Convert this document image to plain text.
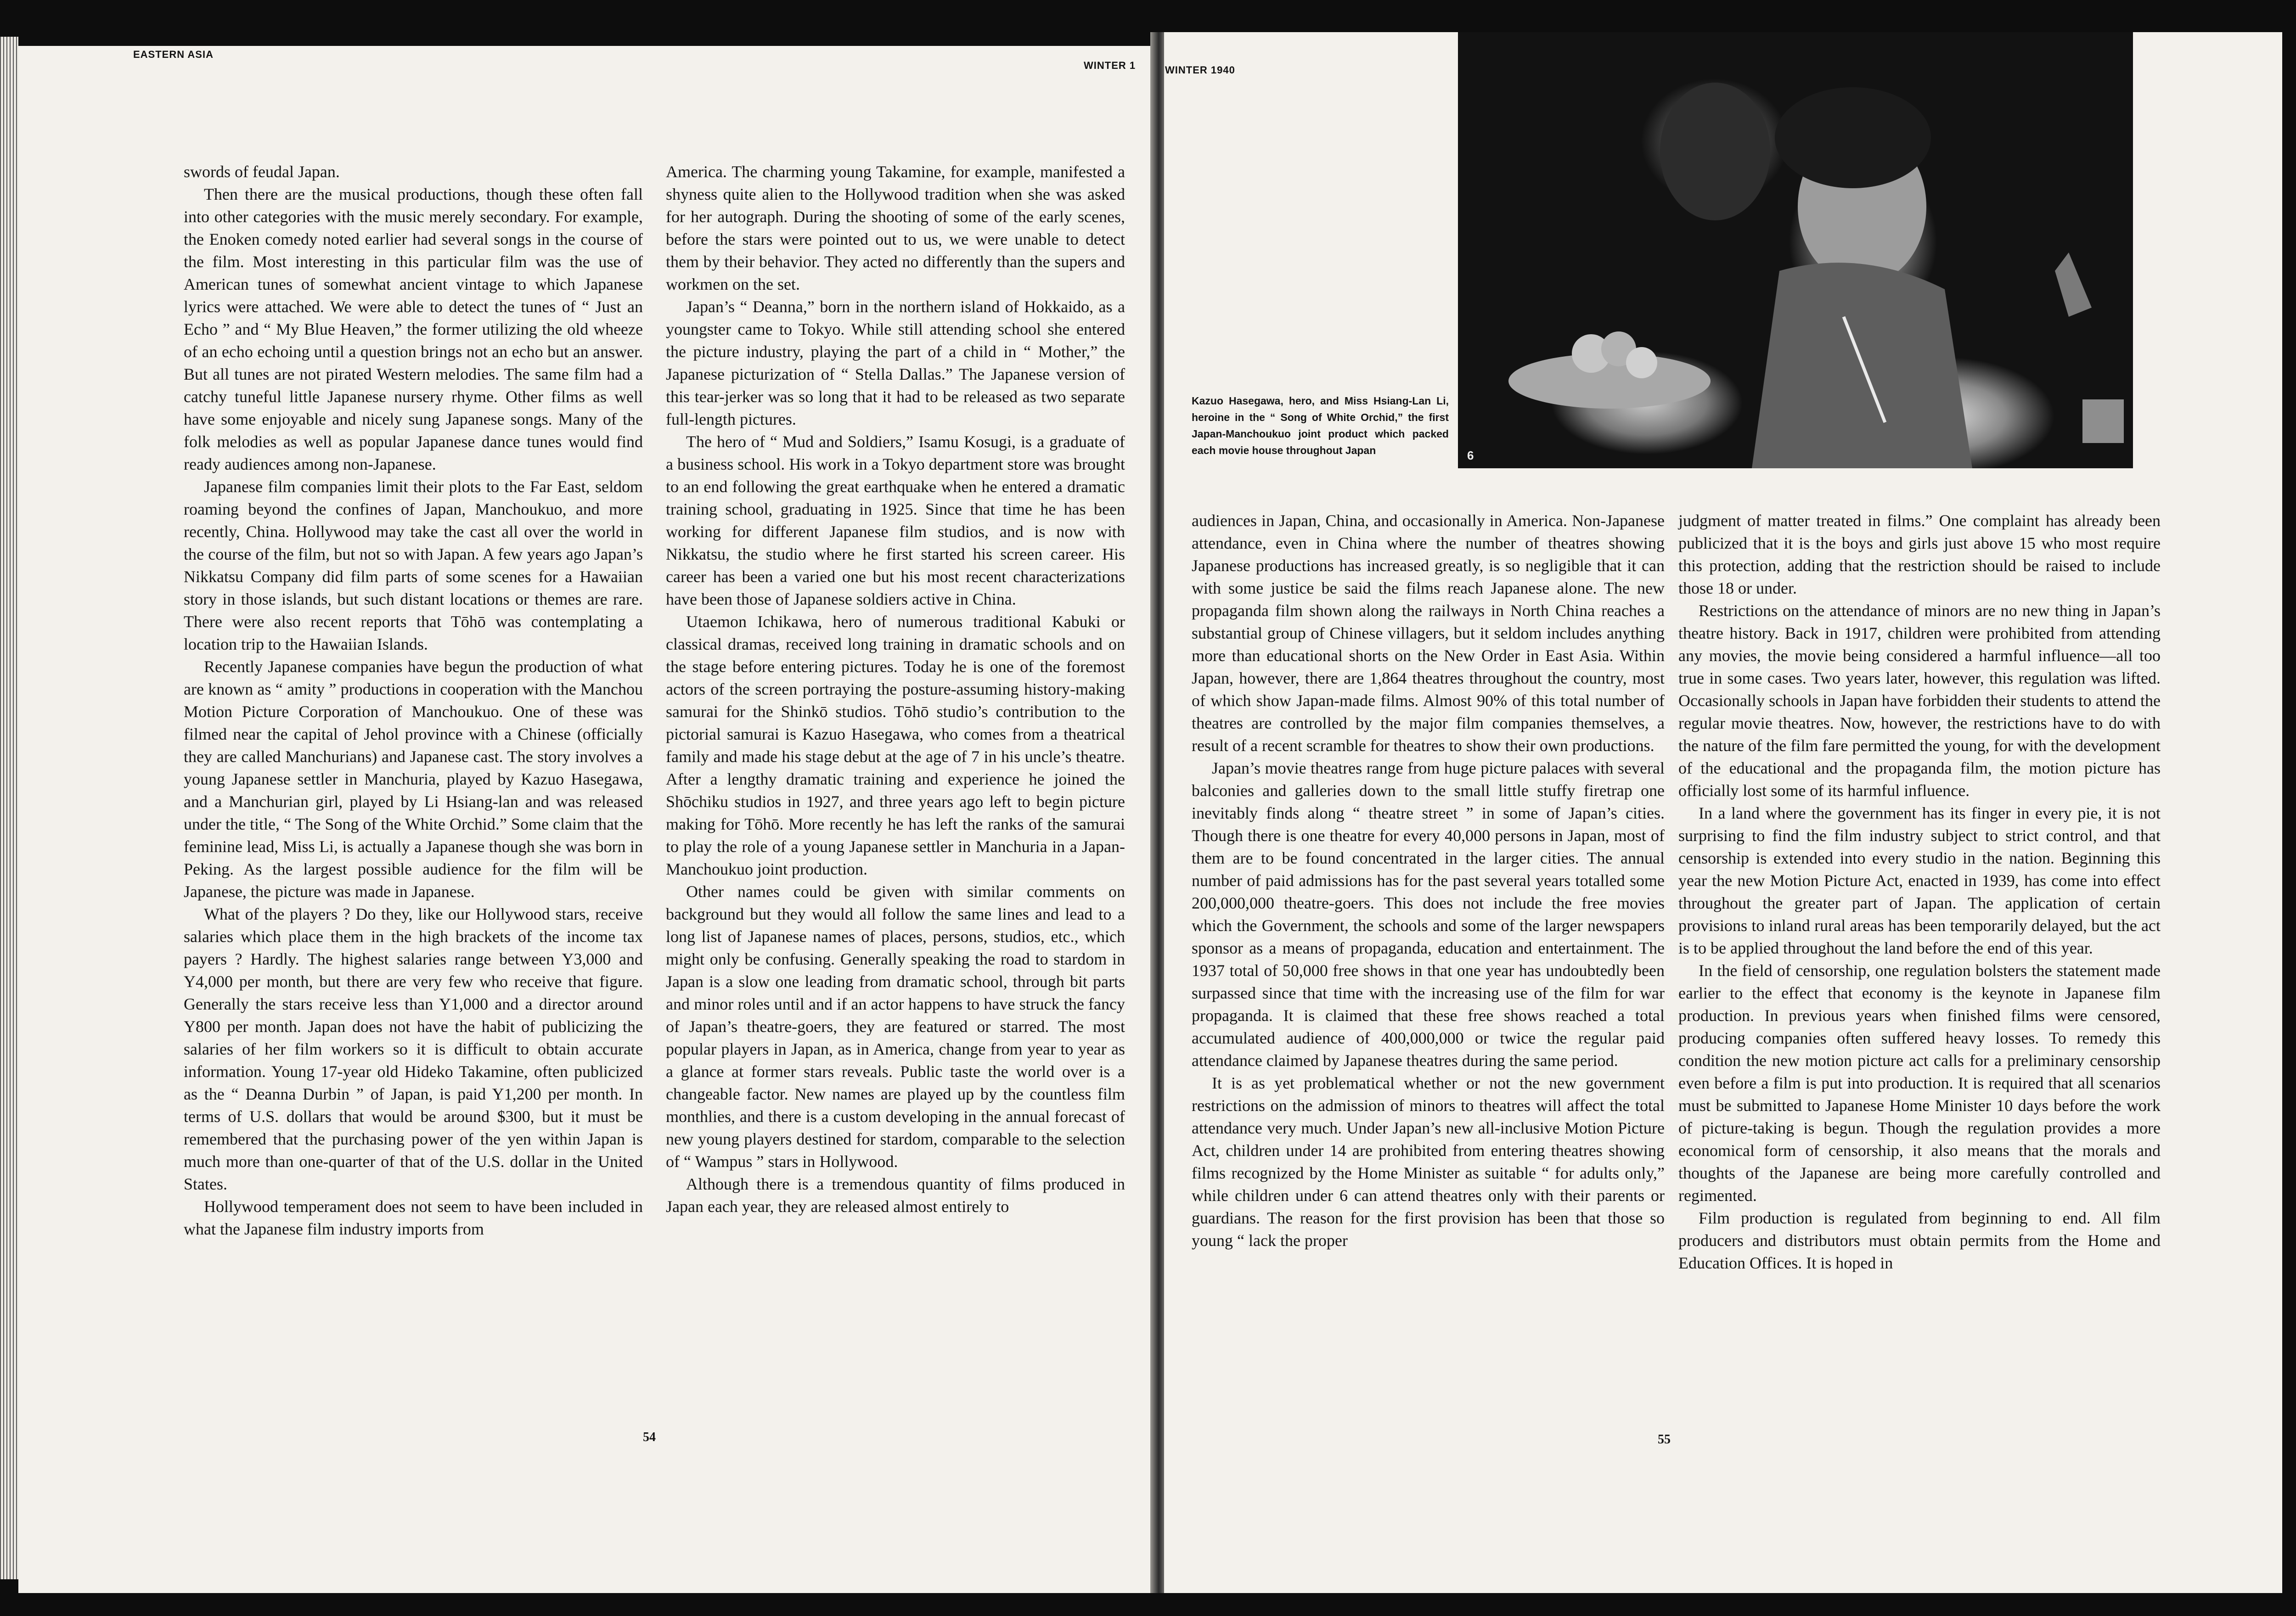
EASTERN ASIA
WINTER 1

swords of feudal Japan.

Then there are the musical productions, though these often fall into other categories with the music merely secondary. For example, the Enoken comedy noted earlier had several songs in the course of the film. Most interesting in this particular film was the use of American tunes of somewhat ancient vintage to which Japanese lyrics were attached. We were able to detect the tunes of “ Just an Echo ” and “ My Blue Heaven,” the former utilizing the old wheeze of an echo echoing until a question brings not an echo but an answer. But all tunes are not pirated Western melodies. The same film had a catchy tuneful little Japanese nursery rhyme. Other films as well have some enjoyable and nicely sung Japanese songs. Many of the folk melodies as well as popular Japanese dance tunes would find ready audiences among non-Japanese.

Japanese film companies limit their plots to the Far East, seldom roaming beyond the confines of Japan, Manchoukuo, and more recently, China. Hollywood may take the cast all over the world in the course of the film, but not so with Japan. A few years ago Japan’s Nikkatsu Company did film parts of some scenes for a Hawaiian story in those islands, but such distant locations or themes are rare. There were also recent reports that Tōhō was contemplating a location trip to the Hawaiian Islands.

Recently Japanese companies have begun the production of what are known as “ amity ” productions in cooperation with the Manchou Motion Picture Corporation of Manchoukuo. One of these was filmed near the capital of Jehol province with a Chinese (officially they are called Manchurians) and Japanese cast. The story involves a young Japanese settler in Manchuria, played by Kazuo Hasegawa, and a Manchurian girl, played by Li Hsiang-lan and was released under the title, “ The Song of the White Orchid.” Some claim that the feminine lead, Miss Li, is actually a Japanese though she was born in Peking. As the largest possible audience for the film will be Japanese, the picture was made in Japanese.

What of the players ? Do they, like our Hollywood stars, receive salaries which place them in the high brackets of the income tax payers ? Hardly. The highest salaries range between Y3,000 and Y4,000 per month, but there are very few who receive that figure. Generally the stars receive less than Y1,000 and a director around Y800 per month. Japan does not have the habit of publicizing the salaries of her film workers so it is difficult to obtain accurate information. Young 17-year old Hideko Takamine, often publicized as the “ Deanna Durbin ” of Japan, is paid Y1,200 per month. In terms of U.S. dollars that would be around $300, but it must be remembered that the purchasing power of the yen within Japan is much more than one-quarter of that of the U.S. dollar in the United States.

Hollywood temperament does not seem to have been included in what the Japanese film industry imports from

America. The charming young Takamine, for example, manifested a shyness quite alien to the Hollywood tradition when she was asked for her autograph. During the shooting of some of the early scenes, before the stars were pointed out to us, we were unable to detect them by their behavior. They acted no differently than the supers and workmen on the set.

Japan’s “ Deanna,” born in the northern island of Hokkaido, as a youngster came to Tokyo. While still attending school she entered the picture industry, playing the part of a child in “ Mother,” the Japanese picturization of “ Stella Dallas.” The Japanese version of this tear-jerker was so long that it had to be released as two separate full-length pictures.

The hero of “ Mud and Soldiers,” Isamu Kosugi, is a graduate of a business school. His work in a Tokyo department store was brought to an end following the great earthquake when he entered a dramatic training school, graduating in 1925. Since that time he has been working for different Japanese film studios, and is now with Nikkatsu, the studio where he first started his screen career. His career has been a varied one but his most recent characterizations have been those of Japanese soldiers active in China.

Utaemon Ichikawa, hero of numerous traditional Kabuki or classical dramas, received long training in dramatic schools and on the stage before entering pictures. Today he is one of the foremost actors of the screen portraying the posture-assuming history-making samurai for the Shinkō studios. Tōhō studio’s contribution to the pictorial samurai is Kazuo Hasegawa, who comes from a theatrical family and made his stage debut at the age of 7 in his uncle’s theatre. After a lengthy dramatic training and experience he joined the Shōchiku studios in 1927, and three years ago left to begin picture making for Tōhō. More recently he has left the ranks of the samurai to play the role of a young Japanese settler in Manchuria in a Japan-Manchoukuo joint production.

Other names could be given with similar comments on background but they would all follow the same lines and lead to a long list of Japanese names of places, persons, studios, etc., which might only be confusing. Generally speaking the road to stardom in Japan is a slow one leading from dramatic school, through bit parts and minor roles until and if an actor happens to have struck the fancy of Japan’s theatre-goers, they are featured or starred. The most popular players in Japan, as in America, change from year to year as a glance at former stars reveals. Public taste the world over is a changeable factor. New names are played up by the countless film monthlies, and there is a custom developing in the annual forecast of new young players destined for stardom, comparable to the selection of “ Wampus ” stars in Hollywood.

Although there is a tremendous quantity of films produced in Japan each year, they are released almost entirely to

54
WINTER 1940
6
Kazuo Hasegawa, hero, and Miss Hsiang-Lan Li, heroine in the “ Song of White Orchid,” the first Japan-Manchoukuo joint product which packed each movie house throughout Japan

audiences in Japan, China, and occasionally in America. Non-Japanese attendance, even in China where the number of theatres showing Japanese productions has increased greatly, is so negligible that it can with some justice be said the films reach Japanese alone. The new propaganda film shown along the railways in North China reaches a substantial group of Chinese villagers, but it seldom includes anything more than educational shorts on the New Order in East Asia. Within Japan, however, there are 1,864 theatres throughout the country, most of which show Japan-made films. Almost 90% of this total number of theatres are controlled by the major film companies themselves, a result of a recent scramble for theatres to show their own productions.

Japan’s movie theatres range from huge picture palaces with several balconies and galleries down to the small little stuffy firetrap one inevitably finds along “ theatre street ” in some of Japan’s cities. Though there is one theatre for every 40,000 persons in Japan, most of them are to be found concentrated in the larger cities. The annual number of paid admissions has for the past several years totalled some 200,000,000 theatre-goers. This does not include the free movies which the Government, the schools and some of the larger newspapers sponsor as a means of propaganda, education and entertainment. The 1937 total of 50,000 free shows in that one year has undoubtedly been surpassed since that time with the increasing use of the film for war propaganda. It is claimed that these free shows reached a total accumulated audience of 400,000,000 or twice the regular paid attendance claimed by Japanese theatres during the same period.

It is as yet problematical whether or not the new government restrictions on the admission of minors to theatres will affect the total attendance very much. Under Japan’s new all-inclusive Motion Picture Act, children under 14 are prohibited from entering theatres showing films recognized by the Home Minister as suitable “ for adults only,” while children under 6 can attend theatres only with their parents or guardians. The reason for the first provision has been that those so young “ lack the proper

judgment of matter treated in films.” One complaint has already been publicized that it is the boys and girls just above 15 who most require this protection, adding that the restriction should be raised to include those 18 or under.

Restrictions on the attendance of minors are no new thing in Japan’s theatre history. Back in 1917, children were prohibited from attending any movies, the movie being considered a harmful influence—all too true in some cases. Two years later, however, this regulation was lifted. Occasionally schools in Japan have forbidden their students to attend the regular movie theatres. Now, however, the restrictions have to do with the nature of the film fare permitted the young, for with the development of the educational and the propaganda film, the motion picture has officially lost some of its harmful influence.

In a land where the government has its finger in every pie, it is not surprising to find the film industry subject to strict control, and that censorship is extended into every studio in the nation. Beginning this year the new Motion Picture Act, enacted in 1939, has come into effect throughout the greater part of Japan. The application of certain provisions to inland rural areas has been temporarily delayed, but the act is to be applied throughout the land before the end of this year.

In the field of censorship, one regulation bolsters the statement made earlier to the effect that economy is the keynote in Japanese film production. In previous years when finished films were censored, producing companies often suffered heavy losses. To remedy this condition the new motion picture act calls for a preliminary censorship even before a film is put into production. It is required that all scenarios must be submitted to Japanese Home Minister 10 days before the work of picture-taking is begun. Though the regulation provides a more economical form of censorship, it also means that the morals and thoughts of the Japanese are being more carefully controlled and regimented.

Film production is regulated from beginning to end. All film producers and distributors must obtain permits from the Home and Education Offices. It is hoped in

55
